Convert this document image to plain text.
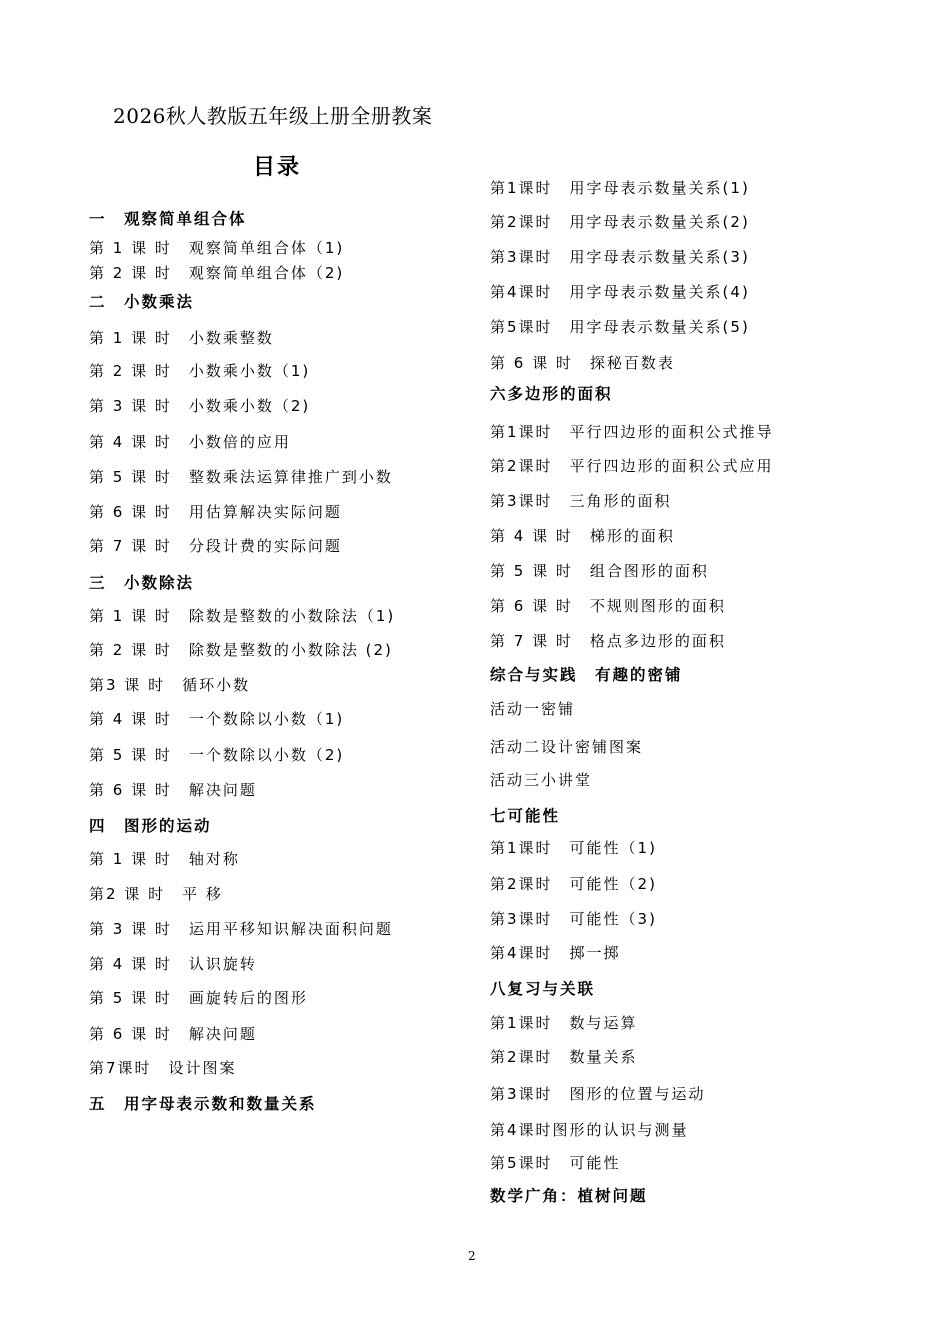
2026秋人教版五年级上册全册教案
目录
一　观察简单组合体
第 1 课 时　观察简单组合体（1)
第 2 课 时　观察简单组合体（2)
二　小数乘法
第 1 课 时　小数乘整数
第 2 课 时　小数乘小数（1)
第 3 课 时　小数乘小数（2)
第 4 课 时　小数倍的应用
第 5 课 时　整数乘法运算律推广到小数
第 6 课 时　用估算解决实际问题
第 7 课 时　分段计费的实际问题
三　小数除法
第 1 课 时　除数是整数的小数除法（1)
第 2 课 时　除数是整数的小数除法 (2)
第3 课 时　循环小数
第 4 课 时　一个数除以小数（1)
第 5 课 时　一个数除以小数（2)
第 6 课 时　解决问题
四　图形的运动
第 1 课 时　轴对称
第2 课 时　平 移
第 3 课 时　运用平移知识解决面积问题
第 4 课 时　认识旋转
第 5 课 时　画旋转后的图形
第 6 课 时　解决问题
第7课时　设计图案
五　用字母表示数和数量关系
第1课时　用字母表示数量关系(1)
第2课时　用字母表示数量关系(2)
第3课时　用字母表示数量关系(3)
第4课时　用字母表示数量关系(4)
第5课时　用字母表示数量关系(5)
第 6 课 时　探秘百数表
六多边形的面积
第1课时　平行四边形的面积公式推导
第2课时　平行四边形的面积公式应用
第3课时　三角形的面积
第 4 课 时　梯形的面积
第 5 课 时　组合图形的面积
第 6 课 时　不规则图形的面积
第 7 课 时　格点多边形的面积
综合与实践　有趣的密铺
活动一密铺
活动二设计密铺图案
活动三小讲堂
七可能性
第1课时　可能性（1)
第2课时　可能性（2)
第3课时　可能性（3)
第4课时　掷一掷
八复习与关联
第1课时　数与运算
第2课时　数量关系
第3课时　图形的位置与运动
第4课时图形的认识与测量
第5课时　可能性
数学广角：植树问题
2
